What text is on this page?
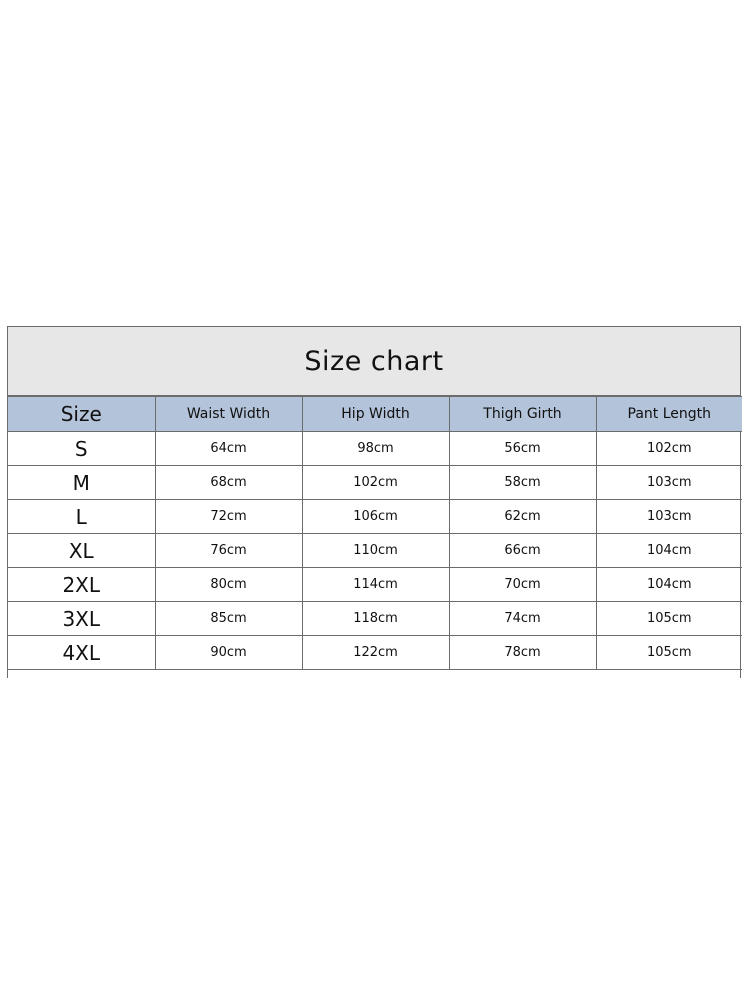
Size chart
Size	Waist Width	Hip Width	Thigh Girth	Pant Length
S	64cm	98cm	56cm	102cm
M	68cm	102cm	58cm	103cm
L	72cm	106cm	62cm	103cm
XL	76cm	110cm	66cm	104cm
2XL	80cm	114cm	70cm	104cm
3XL	85cm	118cm	74cm	105cm
4XL	90cm	122cm	78cm	105cm
